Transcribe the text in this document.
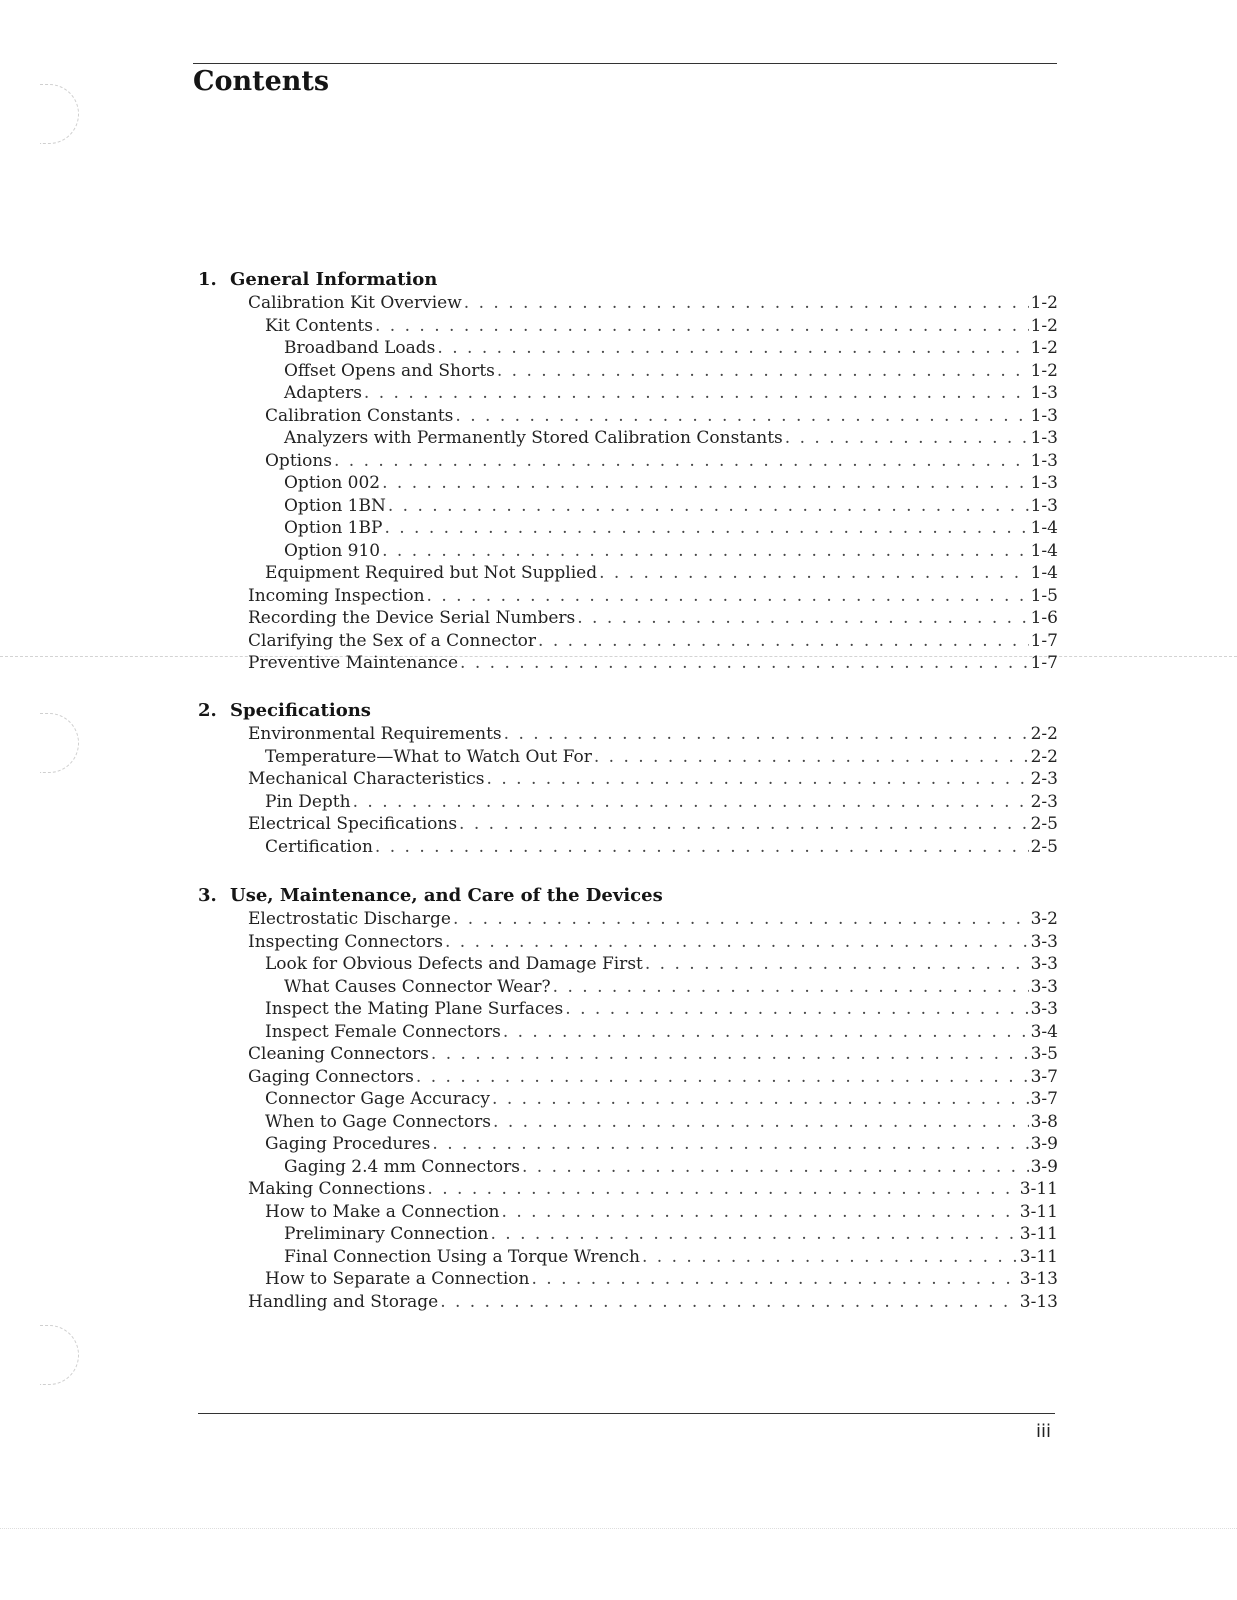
Contents
1. General Information
Calibration Kit Overview . . .	1-2
Kit Contents . . .	1-2
Broadband Loads . . .	1-2
Offset Opens and Shorts . . .	1-2
Adapters . . .	1-3
Calibration Constants . . .	1-3
Analyzers with Permanently Stored Calibration Constants . . .	1-3
Options . . .	1-3
Option 002 . . .	1-3
Option 1BN . . .	1-3
Option 1BP . . .	1-4
Option 910 . . .	1-4
Equipment Required but Not Supplied . . .	1-4
Incoming Inspection . . .	1-5
Recording the Device Serial Numbers . . .	1-6
Clarifying the Sex of a Connector . . .	1-7
Preventive Maintenance . . .	1-7
2. Specifications
Environmental Requirements . . .	2-2
Temperature—What to Watch Out For . . .	2-2
Mechanical Characteristics . . .	2-3
Pin Depth . . .	2-3
Electrical Specifications . . .	2-5
Certification . . .	2-5
3. Use, Maintenance, and Care of the Devices
Electrostatic Discharge . . .	3-2
Inspecting Connectors . . .	3-3
Look for Obvious Defects and Damage First . . .	3-3
What Causes Connector Wear? . . .	3-3
Inspect the Mating Plane Surfaces . . .	3-3
Inspect Female Connectors . . .	3-4
Cleaning Connectors . . .	3-5
Gaging Connectors . . .	3-7
Connector Gage Accuracy . . .	3-7
When to Gage Connectors . . .	3-8
Gaging Procedures . . .	3-9
Gaging 2.4 mm Connectors . . .	3-9
Making Connections . . .	3-11
How to Make a Connection . . .	3-11
Preliminary Connection . . .	3-11
Final Connection Using a Torque Wrench . . .	3-11
How to Separate a Connection . . .	3-13
Handling and Storage . . .	3-13
iii
